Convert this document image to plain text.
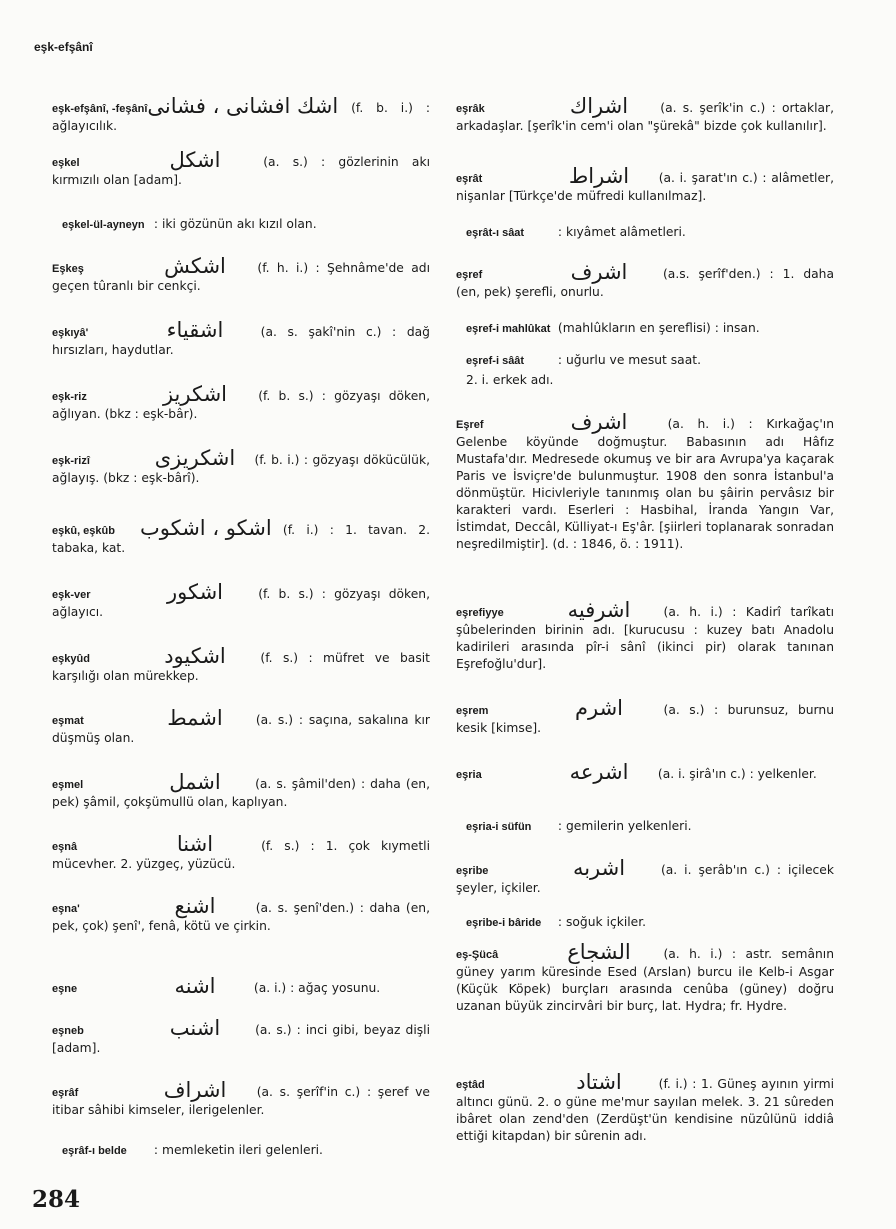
eşk-efşânî

eşk-efşânî, -feşânîاشك افشانى ، فشانى (f. b. i.) : ağlayıcılık.

eşkel	اشكل	(a. s.) : gözlerinin akı kırmızılı olan [adam].

eşkel-ül-ayneyn : iki gözünün akı kızıl olan.

Eşkeş	اشكش	(f. h. i.) : Şehnâme'de adı geçen tûranlı bir cenkçi.

eşkıyâ'	اشقياء	(a. s. şakî'nin c.) : dağ hırsızları, haydutlar.

eşk-riz	اشكريز	(f. b. s.) : gözyaşı döken, ağlıyan. (bkz : eşk-bâr).

eşk-rizî	اشكريزى (f. b. i.) : gözyaşı dökücülük, ağlayış. (bkz : eşk-bârî).

eşkû, eşkûb اشكو ، اشكوب (f. i.) : 1. tavan. 2. tabaka, kat.

eşk-ver	اشكور	(f. b. s.) : gözyaşı döken, ağlayıcı.

eşkyûd	اشكيود	(f. s.) : müfret ve basit karşılığı olan mürekkep.

eşmat	اشمط	(a. s.) : saçına, sakalına kır düşmüş olan.

eşmel	اشمل	(a. s. şâmil'den) : daha (en, pek) şâmil, çokşümullü olan, kaplıyan.

eşnâ	اشنا	(f. s.) : 1. çok kıymetli mücevher. 2. yüzgeç, yüzücü.

eşna'	اشنع	(a. s. şenî'den.) : daha (en, pek, çok) şenî', fenâ, kötü ve çirkin.

eşne	اشنه	(a. i.) : ağaç yosunu.

eşneb	اشنب	(a. s.) : inci gibi, beyaz dişli [adam].

eşrâf	اشراف (a. s. şerîf'in c.) : şeref ve itibar sâhibi kimseler, ilerigelenler.

eşrâf-ı belde : memleketin ileri gelenleri.

eşrâk	اشراك	(a. s. şerîk'in c.) : ortaklar, arkadaşlar. [şerîk'in cem'i olan "şürekâ" bizde çok kullanılır].

eşrât	اشراط (a. i. şarat'ın c.) : alâmetler, nişanlar [Türkçe'de müfredi kullanılmaz].

eşrât-ı sâat	: kıyâmet alâmetleri.

eşref	اشرف	(a.s. şerîf'den.) : 1. daha (en, pek) şerefli, onurlu.

eşref-i mahlûkat (mahlûkların en şereflisi) : insan.

eşref-i sâât	: uğurlu ve mesut saat.

2. i. erkek adı.

Eşref	اشرف	(a. h. i.) : Kırkağaç'ın Gelenbe köyünde doğmuştur. Babasının adı Hâfız Mustafa'dır. Medresede okumuş ve bir ara Avrupa'ya kaçarak Paris ve İsviçre'de bulunmuştur. 1908 den sonra İstanbul'a dönmüştür. Hicivleriyle tanınmış olan bu şâirin pervâsız bir karakteri vardı. Eserleri : Hasbihal, İranda Yangın Var, İstimdat, Deccâl, Külliyat-ı Eş'âr. [şiirleri toplanarak sonradan neşredilmiştir]. (d. : 1846, ö. : 1911).

eşrefiyye	اشرفيه	(a. h. i.) : Kadirî tarîkatı şûbelerinden birinin adı. [kurucusu : kuzey batı Anadolu kadirileri arasında pîr-i sânî (ikinci pir) olarak tanınan Eşrefoğlu'dur].

eşrem	اشرم	(a. s.) : burunsuz, burnu kesik [kimse].

eşria	اشرعه (a. i. şirâ'ın c.) : yelkenler.

eşria-i süfün : gemilerin yelkenleri.

eşribe	اشربه	(a. i. şerâb'ın c.) : içilecek şeyler, içkiler.

eşribe-i bâride : soğuk içkiler.

eş-Şücâ	الشجاع	(a. h. i.) : astr. semânın güney yarım küresinde Esed (Arslan) burcu ile Kelb-i Asgar (Küçük Köpek) burçları arasında cenûba (güney) doğru uzanan büyük zincirvâri bir burç, lat. Hydra; fr. Hydre.

eştâd	اشتاد	(f. i.) : 1. Güneş ayının yirmi altıncı günü. 2. o güne me'mur sayılan melek. 3. 21 sûreden ibâret olan zend'den (Zerdüşt'ün kendisine nüzûlünü iddiâ ettiği kitapdan) bir sûrenin adı.

284
